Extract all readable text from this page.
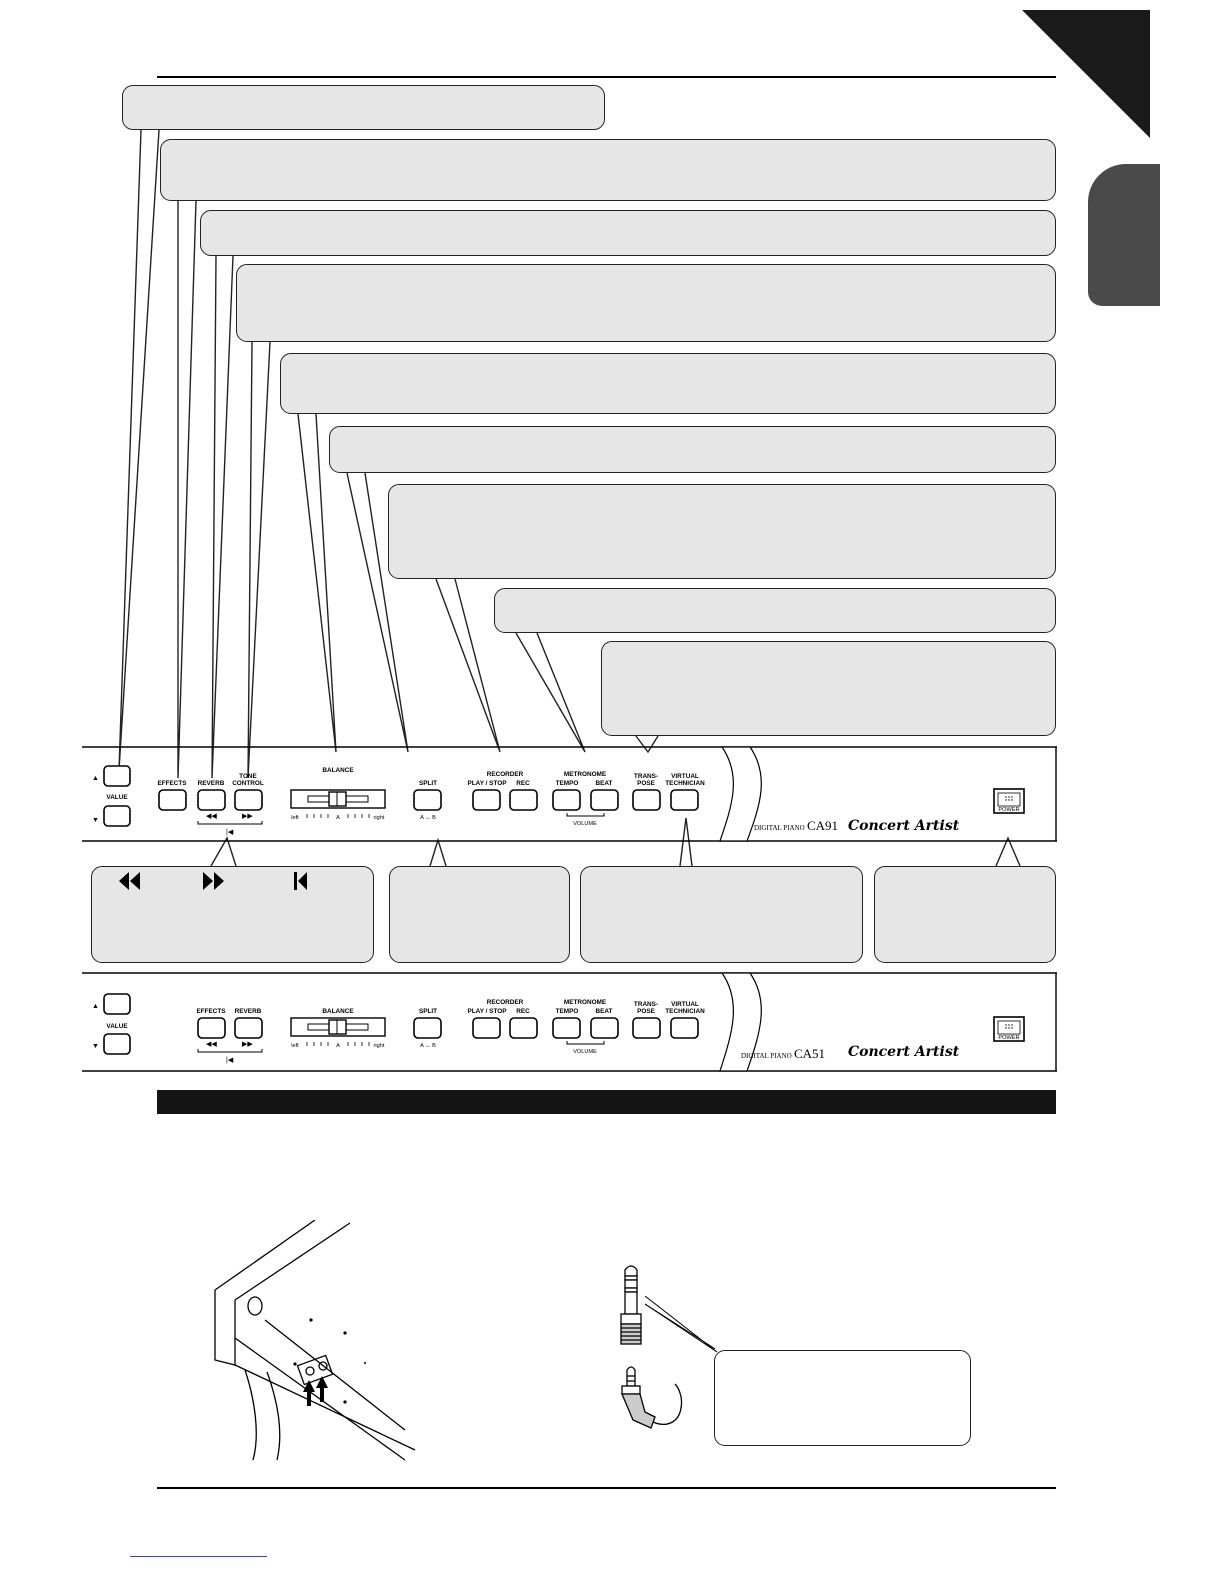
▲
▼
VALUE
EFFECTS REVERB
TONE
CONTROL
◀◀	▶▶
|◀
BALANCE
left	A	right
SPLIT
A ↔ B
RECORDER
PLAY / STOP REC
METRONOME
TEMPO	BEAT
VOLUME
TRANS-
POSE
VIRTUAL
TECHNICIAN
DIGITAL PIANO CA91 Concert Artist
POWER
▲
▼
VALUE
EFFECTS REVERB
◀◀	▶▶
|◀
BALANCE
left	A	right
SPLIT
A ↔ B
RECORDER
PLAY / STOP REC
METRONOME
TEMPO	BEAT
VOLUME
TRANS-
POSE
VIRTUAL
TECHNICIAN
DIGITAL PIANO CA51 Concert Artist
POWER
